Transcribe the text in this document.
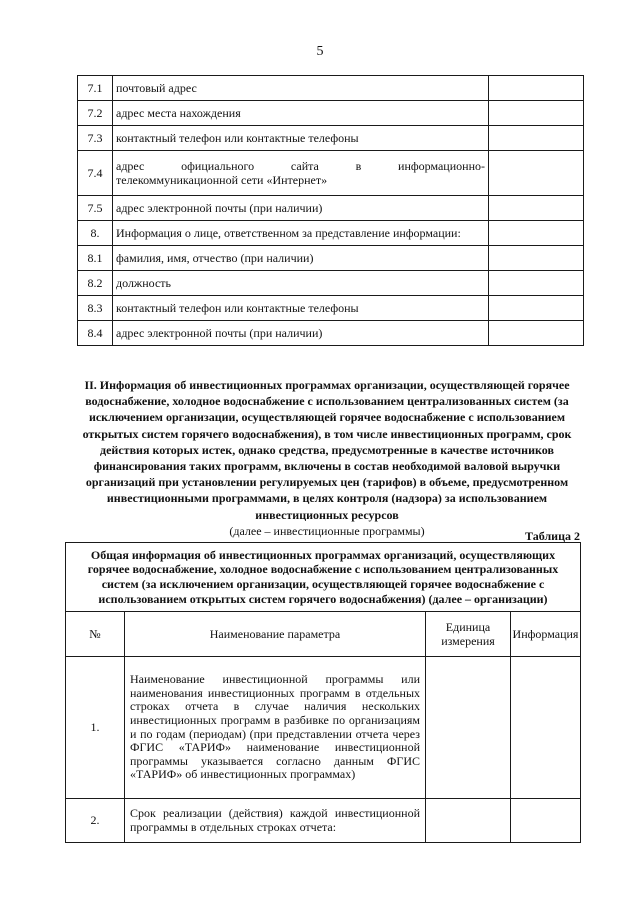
5
7.1	почтовый адрес	
7.2	адрес места нахождения	
7.3	контактный телефон или контактные телефоны	
7.4	адрес официального сайта в информационно-
телекоммуникационной сети «Интернет»	

7.5	адрес электронной почты (при наличии)	
8.	Информация о лице, ответственном за представление информации:	
8.1	фамилия, имя, отчество (при наличии)	
8.2	должность	
8.3	контактный телефон или контактные телефоны	
8.4	адрес электронной почты (при наличии)	
II. Информация об инвестиционных программах организации, осуществляющей горячее водоснабжение, холодное водоснабжение с использованием централизованных систем (за исключением организации, осуществляющей горячее водоснабжение с использованием открытых систем горячего водоснабжения), в том числе инвестиционных программ, срок действия которых истек, однако средства, предусмотренные в качестве источников финансирования таких программ, включены в состав необходимой валовой выручки организаций при установлении регулируемых цен (тарифов) в объеме, предусмотренном инвестиционными программами, в целях контроля (надзора) за использованием инвестиционных ресурсов
(далее – инвестиционные программы)	Таблица 2
Общая информация об инвестиционных программах организаций, осуществляющих горячее водоснабжение, холодное водоснабжение с использованием централизованных систем (за исключением организации, осуществляющей горячее водоснабжение с использованием открытых систем горячего водоснабжения) (далее – организации)			
№	Наименование параметра	Единица измерения	Информация
1.	Наименование инвестиционной программы или наименования инвестиционных программ в отдельных строках отчета в случае наличия нескольких инвестиционных программ в разбивке по организациям и по годам (периодам) (при представлении отчета через ФГИС «ТАРИФ» наименование инвестиционной программы указывается согласно данным ФГИС «ТАРИФ» об инвестиционных программах)		
2.	Срок реализации (действия) каждой инвестиционной программы в отдельных строках отчета:		
